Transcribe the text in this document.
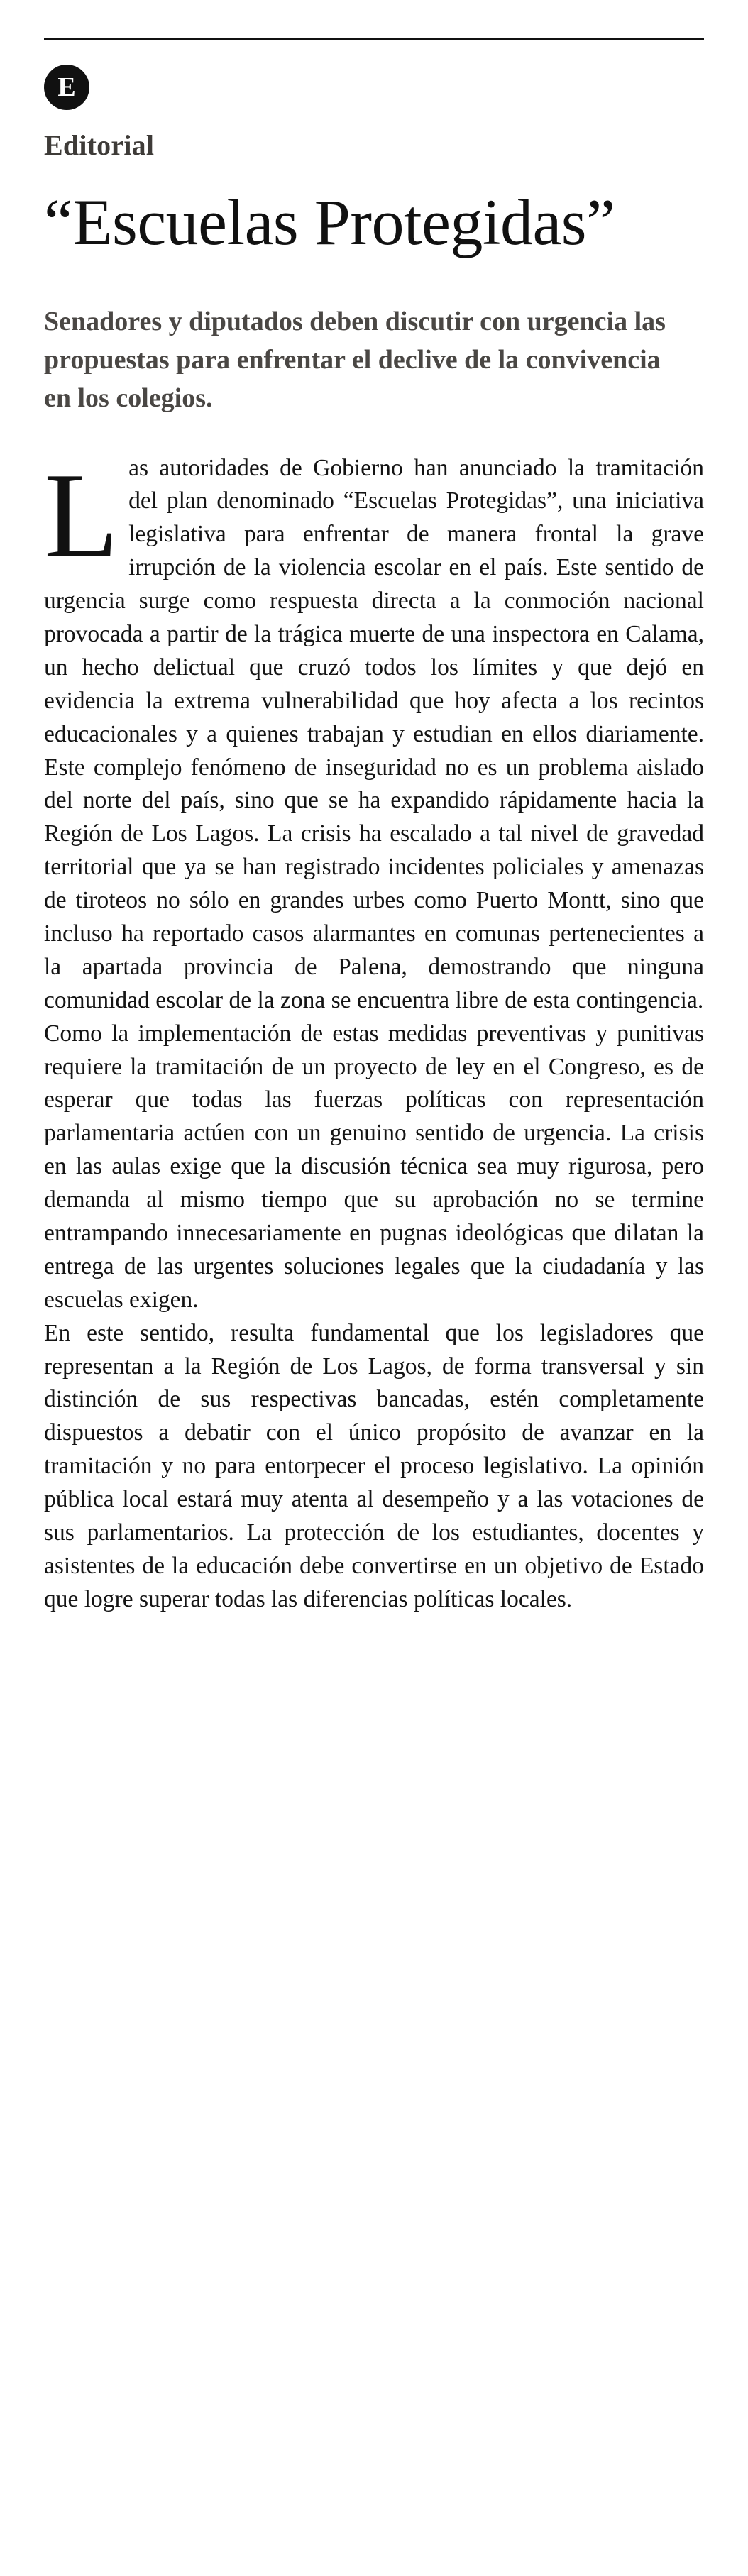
E
Editorial
“Escuelas Protegidas”
Senadores y diputados deben discutir con urgencia las propuestas para enfrentar el declive de la convivencia en los colegios.

Las autoridades de Gobierno han anunciado la tramitación del plan denominado “Escuelas Protegidas”, una iniciativa legislativa para enfrentar de manera frontal la grave irrupción de la violencia escolar en el país. Este sentido de urgencia surge como respuesta directa a la conmoción nacional provocada a partir de la trágica muerte de una inspectora en Calama, un hecho delictual que cruzó todos los límites y que dejó en evidencia la extrema vulnerabilidad que hoy afecta a los recintos educacionales y a quienes trabajan y estudian en ellos diariamente. Este complejo fenómeno de inseguridad no es un problema aislado del norte del país, sino que se ha expandido rápidamente hacia la Región de Los Lagos. La crisis ha escalado a tal nivel de gravedad territorial que ya se han registrado incidentes policiales y amenazas de tiroteos no sólo en grandes urbes como Puerto Montt, sino que incluso ha reportado casos alarmantes en comunas pertenecientes a la apartada provincia de Palena, demostrando que ninguna comunidad escolar de la zona se encuentra libre de esta contingencia.

Como la implementación de estas medidas preventivas y punitivas requiere la tramitación de un proyecto de ley en el Congreso, es de esperar que todas las fuerzas políticas con representación parlamentaria actúen con un genuino sentido de urgencia. La crisis en las aulas exige que la discusión técnica sea muy rigurosa, pero demanda al mismo tiempo que su aprobación no se termine entrampando innecesariamente en pugnas ideológicas que dilatan la entrega de las urgentes soluciones legales que la ciudadanía y las escuelas exigen.

En este sentido, resulta fundamental que los legisladores que representan a la Región de Los Lagos, de forma transversal y sin distinción de sus respectivas bancadas, estén completamente dispuestos a debatir con el único propósito de avanzar en la tramitación y no para entorpecer el proceso legislativo. La opinión pública local estará muy atenta al desempeño y a las votaciones de sus parlamentarios. La protección de los estudiantes, docentes y asistentes de la educación debe convertirse en un objetivo de Estado que logre superar todas las diferencias políticas locales.
